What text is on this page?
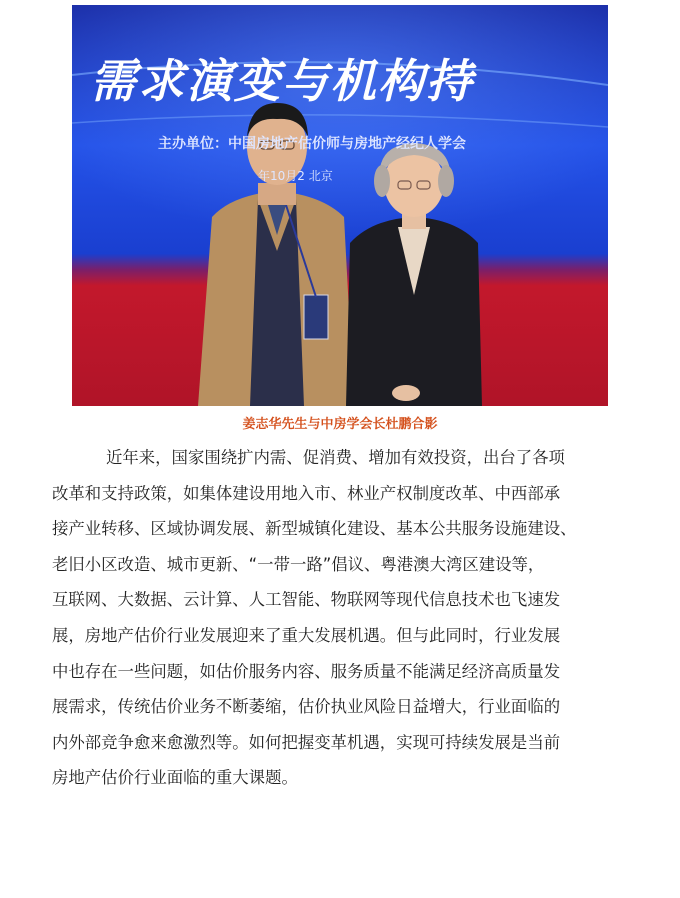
需求演变与机构持
主办单位：中国房地产估价师与房地产经纪人学会
年10月2 北京
姜志华先生与中房学会长杜鹏合影
近年来，国家围绕扩内需、促消费、增加有效投资，出台了各项
改革和支持政策，如集体建设用地入市、林业产权制度改革、中西部承
接产业转移、区域协调发展、新型城镇化建设、基本公共服务设施建设、
老旧小区改造、城市更新、“一带一路”倡议、粤港澳大湾区建设等，
互联网、大数据、云计算、人工智能、物联网等现代信息技术也飞速发
展，房地产估价行业发展迎来了重大发展机遇。但与此同时，行业发展
中也存在一些问题，如估价服务内容、服务质量不能满足经济高质量发
展需求，传统估价业务不断萎缩，估价执业风险日益增大，行业面临的
内外部竞争愈来愈激烈等。如何把握变革机遇，实现可持续发展是当前
房地产估价行业面临的重大课题。
